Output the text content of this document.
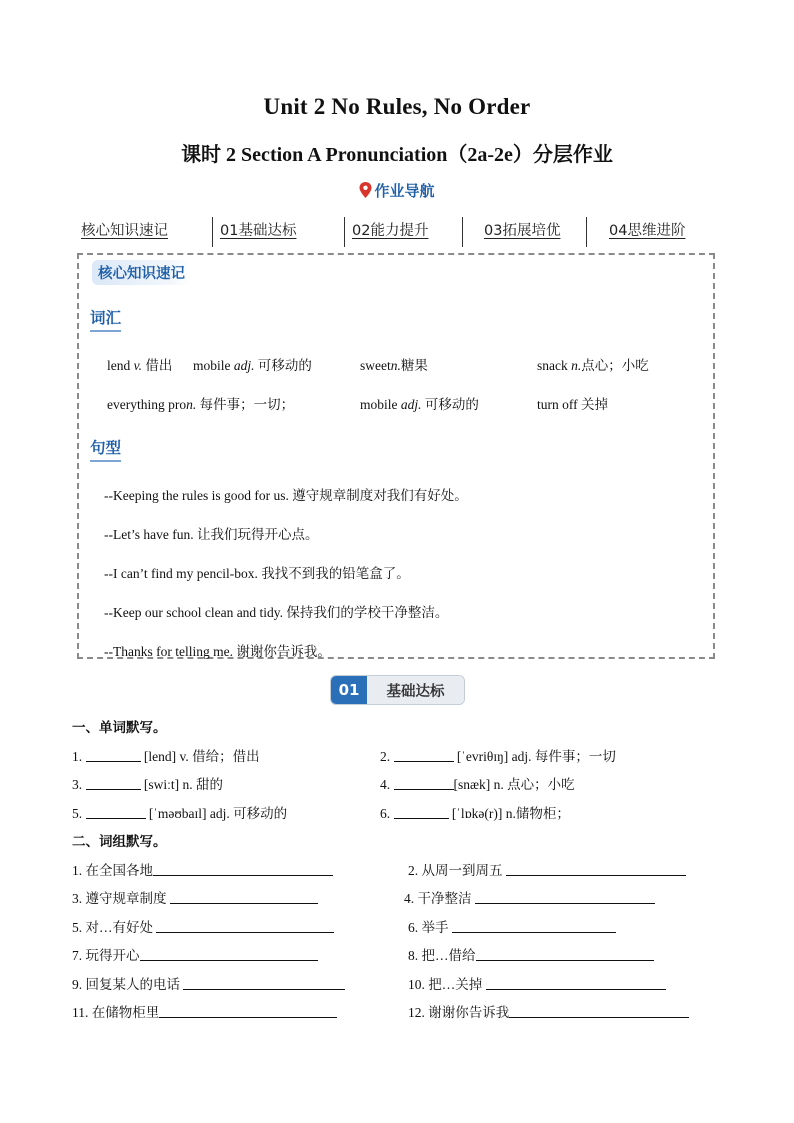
Unit 2 No Rules, No Order
课时 2 Section A Pronunciation（2a-2e）分层作业
作业导航
核心知识速记	01基础达标	02能力提升	03拓展培优	04思维进阶
核心知识速记
词汇
lend v. 借出 mobile adj. 可移动的	sweetn.糖果	snack n.点心；小吃
everything pron. 每件事；一切；	mobile adj. 可移动的	turn off 关掉
句型
--Keeping the rules is good for us. 遵守规章制度对我们有好处。
--Let’s have fun. 让我们玩得开心点。
--I can’t find my pencil-box. 我找不到我的铅笔盒了。
--Keep our school clean and tidy. 保持我们的学校干净整洁。
--Thanks for telling me. 谢谢你告诉我。
01	基础达标
一、单词默写。
1.	[lend] v. 借给；借出	2.	[ˈevriθɪŋ] adj. 每件事；一切
3.	[swiːt] n. 甜的	4.	[snæk] n. 点心；小吃
5.	[ˈməʊbaɪl] adj. 可移动的	6.	[ˈlɒkə(r)] n.储物柜；
二、词组默写。
1. 在全国各地	2. 从周一到周五
3. 遵守规章制度	4. 干净整洁
5. 对…有好处	6. 举手
7. 玩得开心	8. 把…借给
9. 回复某人的电话	10. 把…关掉
11. 在储物柜里	12. 谢谢你告诉我
